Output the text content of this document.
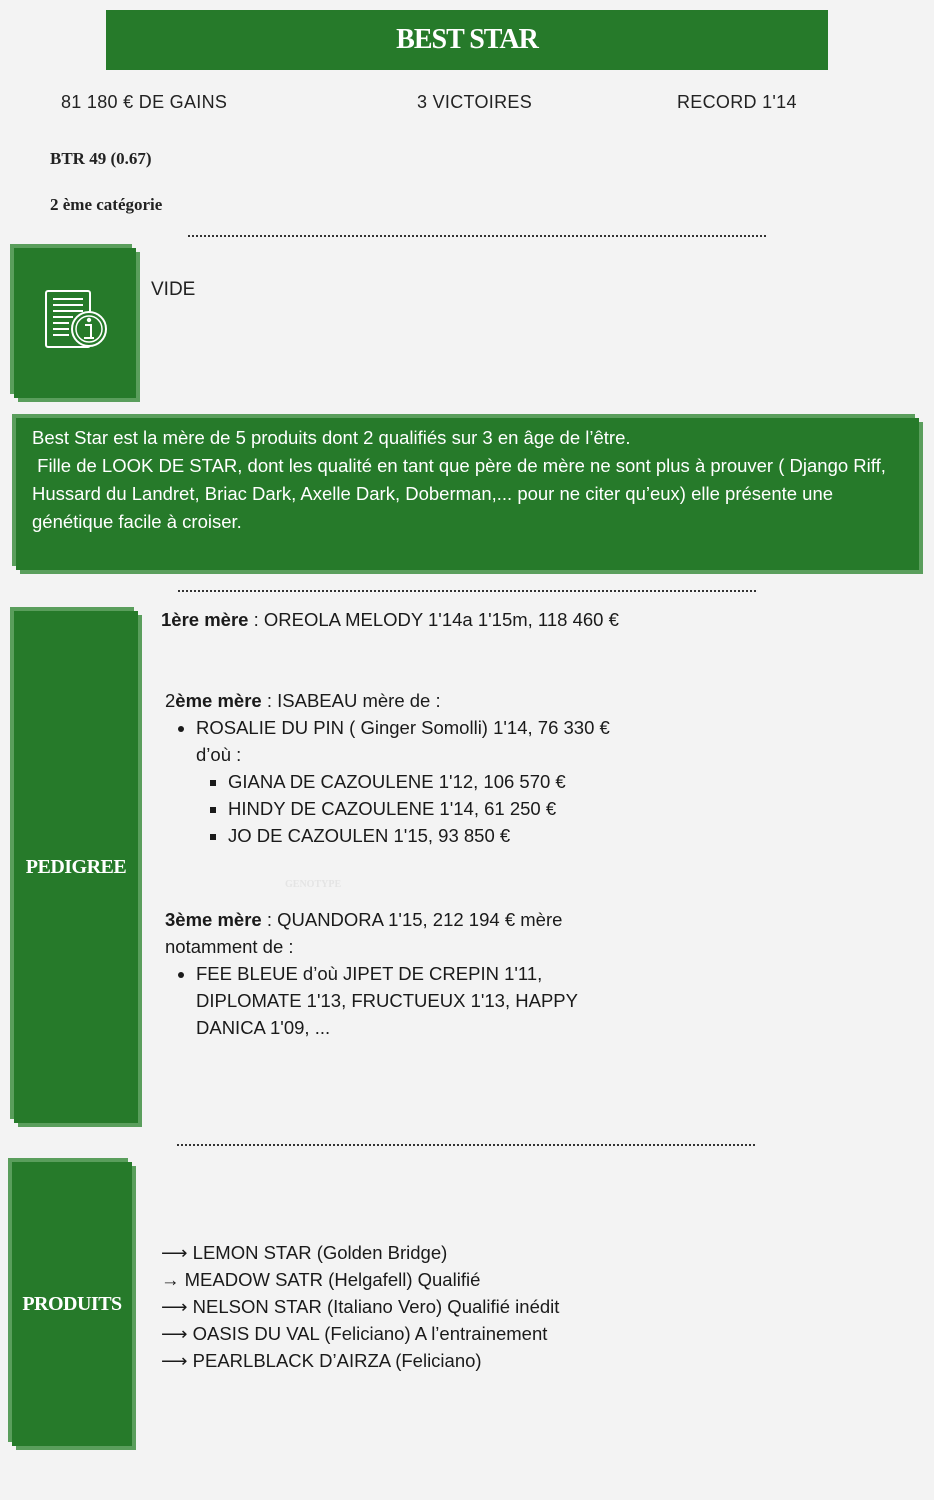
BEST STAR
81 180 € DE GAINS	3 VICTOIRES	RECORD 1'14
BTR 49 (0.67)
2 ème catégorie
VIDE
Best Star est la mère de 5 produits dont 2 qualifiés sur 3 en âge de l’être.
Fille de LOOK DE STAR, dont les qualité en tant que père de mère ne sont plus à prouver ( Django Riff, Hussard du Landret, Briac Dark, Axelle Dark, Doberman,... pour ne citer qu’eux) elle présente une génétique facile à croiser.
PEDIGREE
1ère mère : OREOLA MELODY 1'14a 1'15m, 118 460 €
2ème mère : ISABEAU mère de :
• ROSALIE DU PIN ( Ginger Somolli) 1'14, 76 330 € d’où :
▪ GIANA DE CAZOULENE 1'12, 106 570 €
▪ HINDY DE CAZOULENE 1'14, 61 250 €
▪ JO DE CAZOULEN 1'15, 93 850 €
GENOTYPE
3ème mère : QUANDORA 1'15, 212 194 € mère notamment de :
• FEE BLEUE d’où JIPET DE CREPIN 1'11, DIPLOMATE 1'13, FRUCTUEUX 1'13, HAPPY DANICA 1'09, ...
PRODUITS
⟶ LEMON STAR (Golden Bridge)
→ MEADOW SATR (Helgafell) Qualifié
⟶ NELSON STAR (Italiano Vero) Qualifié inédit
⟶ OASIS DU VAL (Feliciano) A l’entrainement
⟶ PEARLBLACK D’AIRZA (Feliciano)
